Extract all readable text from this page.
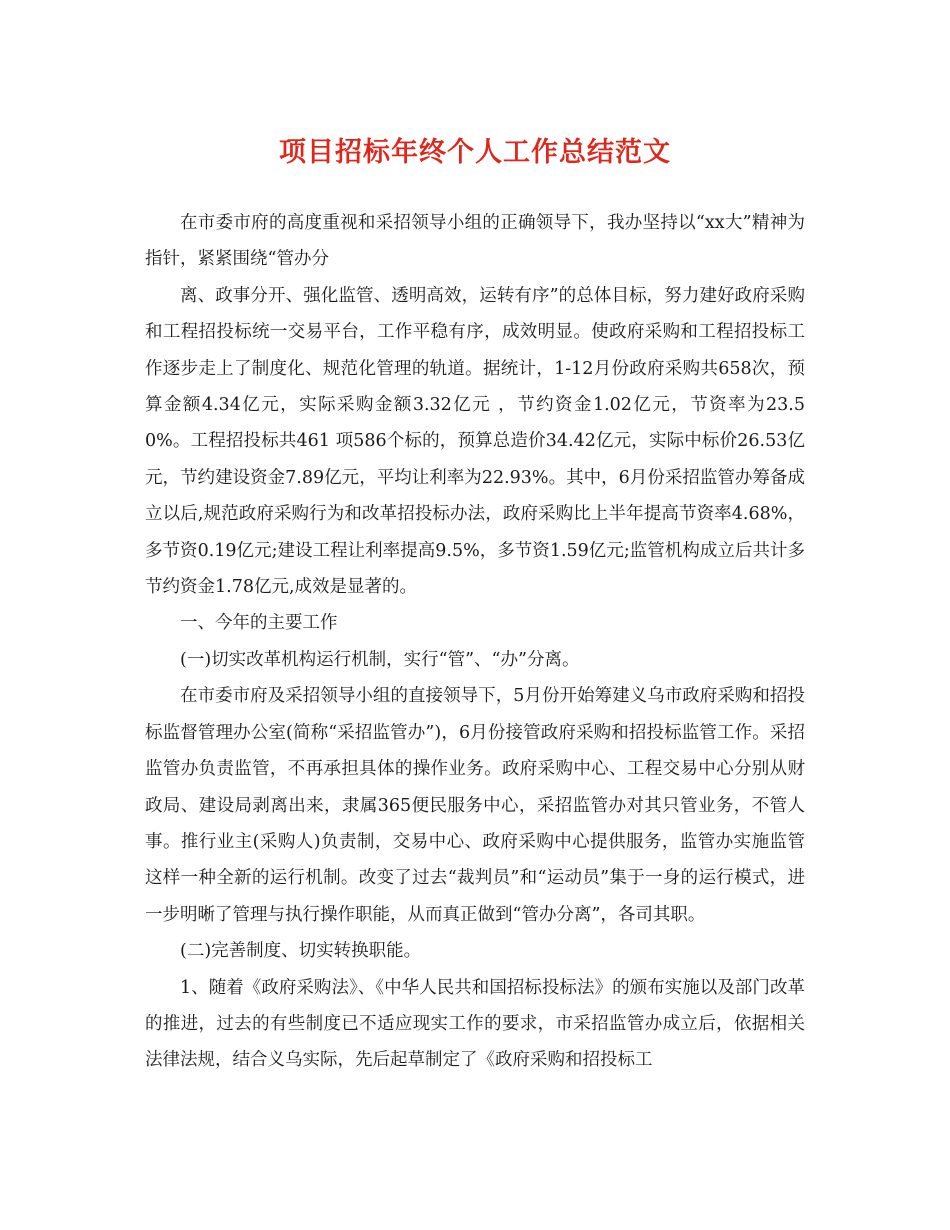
项目招标年终个人工作总结范文

在市委市府的高度重视和采招领导小组的正确领导下，我办坚持以“xx大”精神为指针，紧紧围绕“管办分

离、政事分开、强化监管、透明高效，运转有序”的总体目标，努力建好政府采购和工程招投标统一交易平台，工作平稳有序，成效明显。使政府采购和工程招投标工作逐步走上了制度化、规范化管理的轨道。据统计，1-12月份政府采购共658次，预算金额4.34亿元，实际采购金额3.32亿元 ，节约资金1.02亿元，节资率为23.50%。工程招投标共461 项586个标的，预算总造价34.42亿元，实际中标价26.53亿元，节约建设资金7.89亿元，平均让利率为22.93%。其中，6月份采招监管办筹备成立以后,规范政府采购行为和改革招投标办法，政府采购比上半年提高节资率4.68%，多节资0.19亿元;建设工程让利率提高9.5%，多节资1.59亿元;监管机构成立后共计多节约资金1.78亿元,成效是显著的。

一、今年的主要工作

(一)切实改革机构运行机制，实行“管”、“办”分离。

在市委市府及采招领导小组的直接领导下，5月份开始筹建义乌市政府采购和招投标监督管理办公室(简称“采招监管办”)，6月份接管政府采购和招投标监管工作。采招监管办负责监管，不再承担具体的操作业务。政府采购中心、工程交易中心分别从财政局、建设局剥离出来，隶属365便民服务中心，采招监管办对其只管业务，不管人事。推行业主(采购人)负责制，交易中心、政府采购中心提供服务，监管办实施监管这样一种全新的运行机制。改变了过去“裁判员”和“运动员”集于一身的运行模式，进一步明晰了管理与执行操作职能，从而真正做到“管办分离”，各司其职。

(二)完善制度、切实转换职能。

1、随着《政府采购法》、《中华人民共和国招标投标法》的颁布实施以及部门改革的推进，过去的有些制度已不适应现实工作的要求，市采招监管办成立后，依据相关法律法规，结合义乌实际，先后起草制定了《政府采购和招投标工
